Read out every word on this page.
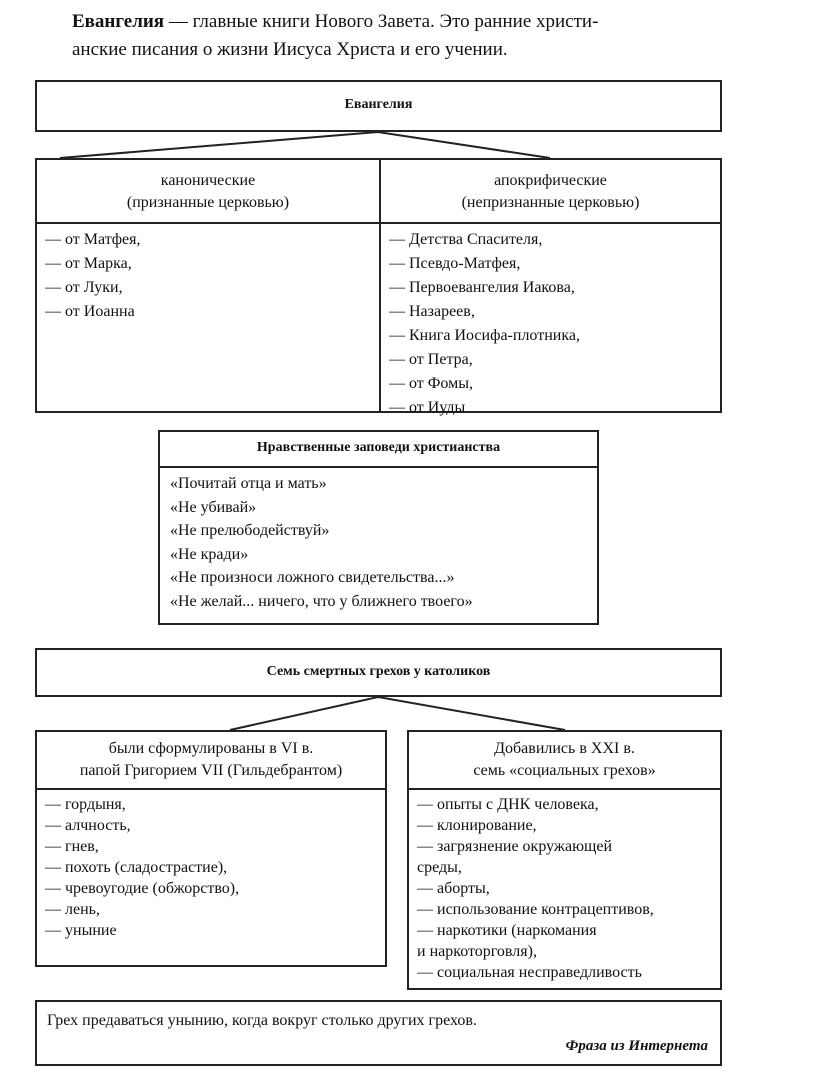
Евангелия — главные книги Нового Завета. Это ранние христи-
анские писания о жизни Иисуса Христа и его учении.
Евангелия
канонические
(признанные церковью)
апокрифические
(непризнанные церковью)
— от Матфея,
— от Марка,
— от Луки,
— от Иоанна
— Детства Спасителя,
— Псевдо-Матфея,
— Первоевангелия Иакова,
— Назареев,
— Книга Иосифа-плотника,
— от Петра,
— от Фомы,
— от Иуды
Нравственные заповеди христианства
«Почитай отца и мать»
«Не убивай»
«Не прелюбодействуй»
«Не кради»
«Не произноси ложного свидетельства...»
«Не желай... ничего, что у ближнего твоего»
Семь смертных грехов у католиков
были сформулированы в VI в.
папой Григорием VII (Гильдебрантом)
— гордыня,
— алчность,
— гнев,
— похоть (сладострастие),
— чревоугодие (обжорство),
— лень,
— уныние
Добавились в XXI в.
семь «социальных грехов»
— опыты с ДНК человека,
— клонирование,
— загрязнение окружающей
среды,
— аборты,
— использование контрацептивов,
— наркотики (наркомания
и наркоторговля),
— социальная несправедливость
Грех предаваться унынию, когда вокруг столько других грехов.
Фраза из Интернета
